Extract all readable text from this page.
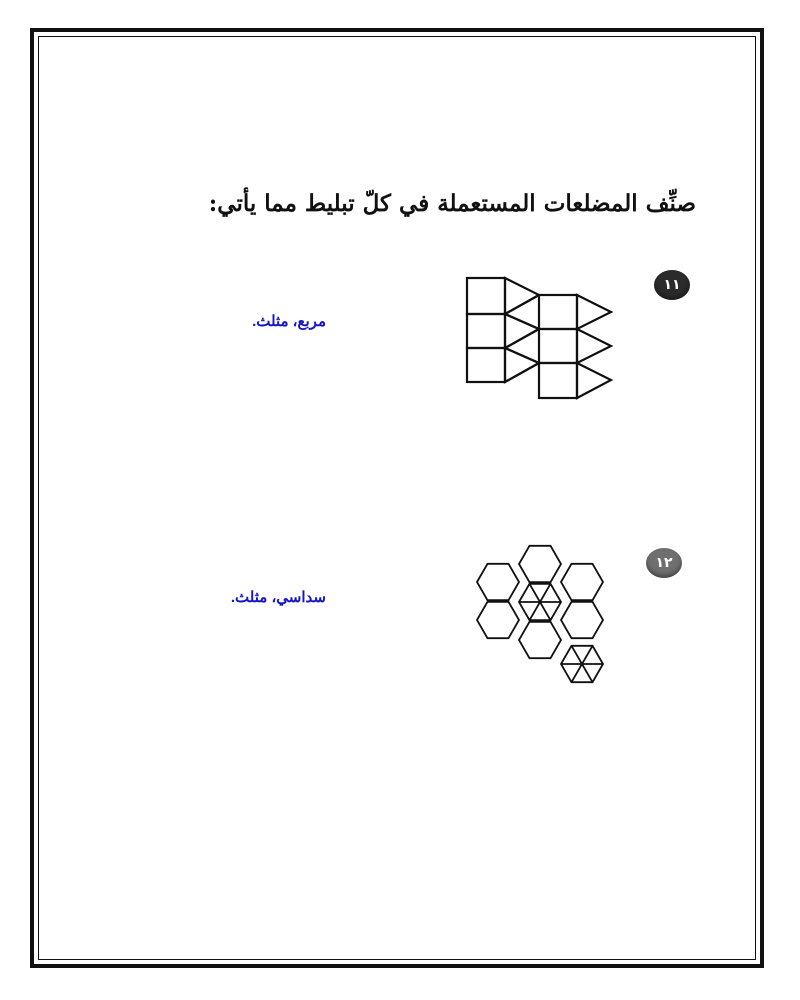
صنِّف المضلعات المستعملة في كلّ تبليط مما يأتي:
١١
مربع، مثلث.
١٢
سداسي، مثلث.
